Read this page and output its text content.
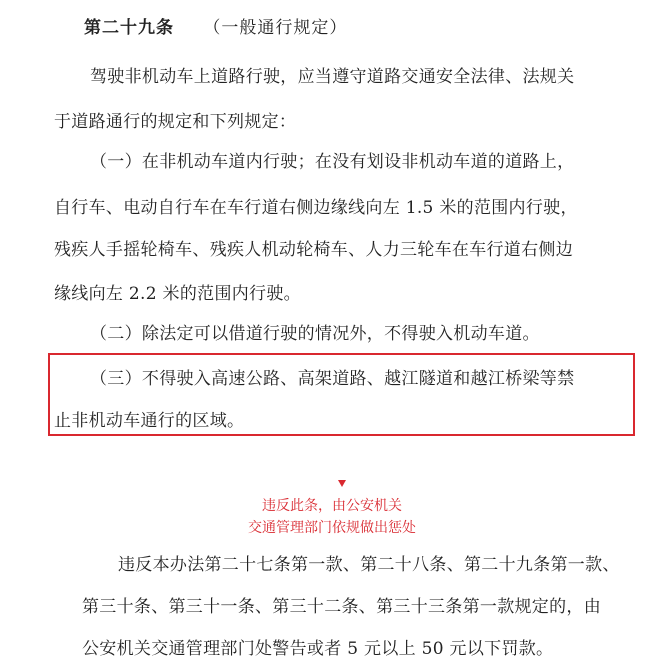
第二十九条 （一般通行规定）
驾驶非机动车上道路行驶，应当遵守道路交通安全法律、法规关
于道路通行的规定和下列规定：
（一）在非机动车道内行驶；在没有划设非机动车道的道路上，
自行车、电动自行车在车行道右侧边缘线向左 1.5 米的范围内行驶，
残疾人手摇轮椅车、残疾人机动轮椅车、人力三轮车在车行道右侧边
缘线向左 2.2 米的范围内行驶。
（二）除法定可以借道行驶的情况外，不得驶入机动车道。
（三）不得驶入高速公路、高架道路、越江隧道和越江桥梁等禁
止非机动车通行的区域。
违反此条，由公安机关
交通管理部门依规做出惩处
违反本办法第二十七条第一款、第二十八条、第二十九条第一款、
第三十条、第三十一条、第三十二条、第三十三条第一款规定的，由
公安机关交通管理部门处警告或者 5 元以上 50 元以下罚款。
